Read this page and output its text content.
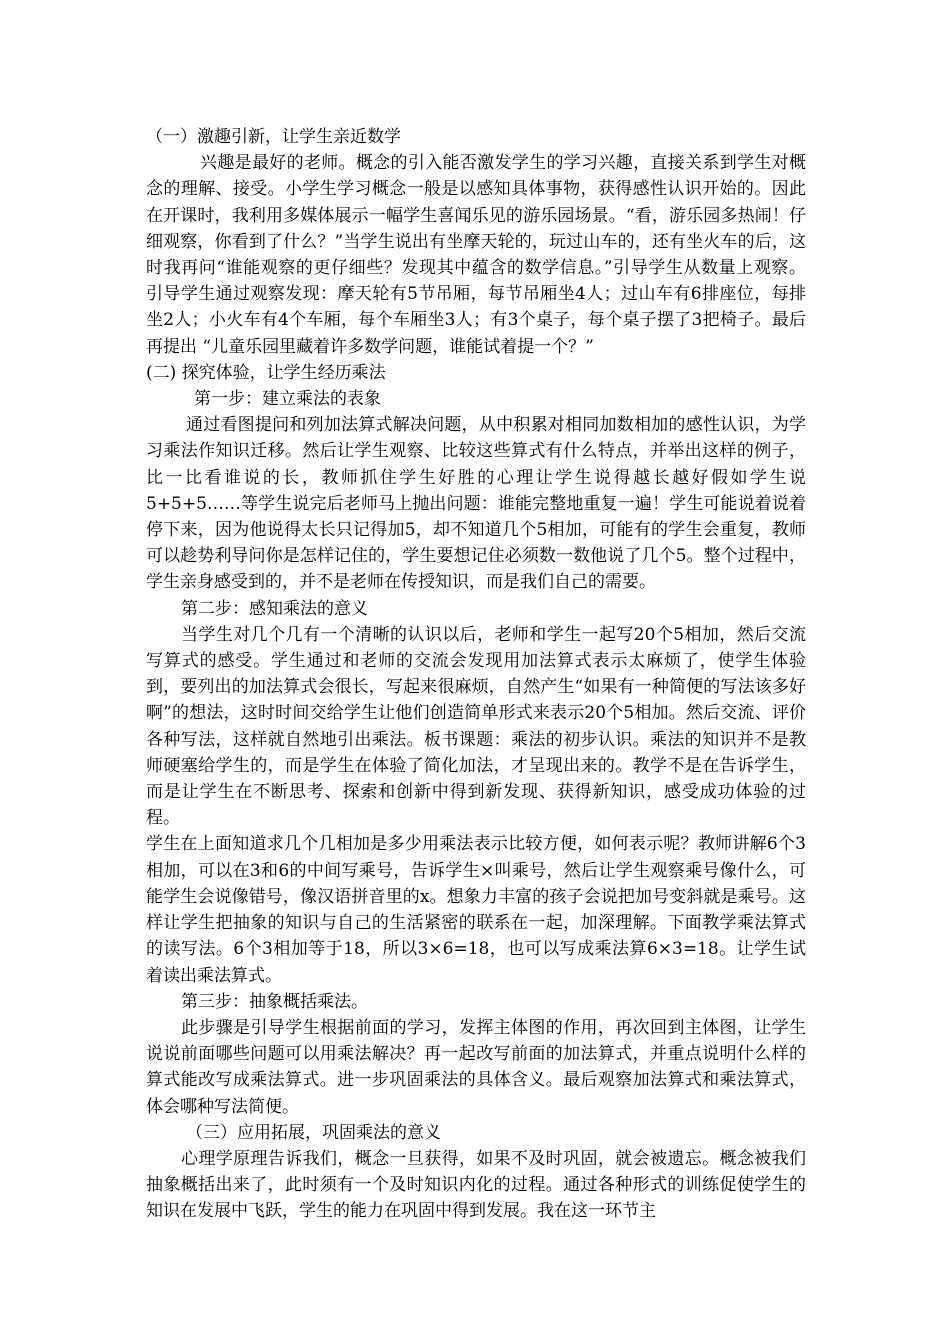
（一）激趣引新，让学生亲近数学

兴趣是最好的老师。概念的引入能否激发学生的学习兴趣，直接关系到学生对概念的理解、接受。小学生学习概念一般是以感知具体事物，获得感性认识开始的。因此在开课时，我利用多媒体展示一幅学生喜闻乐见的游乐园场景。“看，游乐园多热闹！仔细观察，你看到了什么？”当学生说出有坐摩天轮的，玩过山车的，还有坐火车的后，这时我再问“谁能观察的更仔细些？发现其中蕴含的数学信息。”引导学生从数量上观察。 引导学生通过观察发现：摩天轮有5节吊厢，每节吊厢坐4人；过山车有6排座位，每排坐2人；小火车有4个车厢，每个车厢坐3人；有3个桌子，每个桌子摆了3把椅子。最后再提出 “儿童乐园里藏着许多数学问题，谁能试着提一个？”

(二) 探究体验，让学生经历乘法

第一步：建立乘法的表象

通过看图提问和列加法算式解决问题，从中积累对相同加数相加的感性认识，为学习乘法作知识迁移。然后让学生观察、比较这些算式有什么特点，并举出这样的例子，比一比看谁说的长，教师抓住学生好胜的心理让学生说得越长越好假如学生说5+5+5……等学生说完后老师马上抛出问题：谁能完整地重复一遍！学生可能说着说着停下来，因为他说得太长只记得加5，却不知道几个5相加，可能有的学生会重复，教师可以趁势利导问你是怎样记住的，学生要想记住必须数一数他说了几个5。整个过程中，学生亲身感受到的，并不是老师在传授知识，而是我们自己的需要。

第二步：感知乘法的意义

当学生对几个几有一个清晰的认识以后，老师和学生一起写20个5相加，然后交流写算式的感受。学生通过和老师的交流会发现用加法算式表示太麻烦了，使学生体验到，要列出的加法算式会很长，写起来很麻烦，自然产生“如果有一种简便的写法该多好啊”的想法，这时时间交给学生让他们创造简单形式来表示20个5相加。然后交流、评价各种写法，这样就自然地引出乘法。板书课题：乘法的初步认识。乘法的知识并不是教师硬塞给学生的，而是学生在体验了简化加法，才呈现出来的。教学不是在告诉学生，而是让学生在不断思考、探索和创新中得到新发现、获得新知识，感受成功体验的过程。

学生在上面知道求几个几相加是多少用乘法表示比较方便，如何表示呢？教师讲解6个3相加，可以在3和6的中间写乘号，告诉学生×叫乘号，然后让学生观察乘号像什么，可能学生会说像错号，像汉语拼音里的x。想象力丰富的孩子会说把加号变斜就是乘号。这样让学生把抽象的知识与自己的生活紧密的联系在一起，加深理解。下面教学乘法算式的读写法。6个3相加等于18，所以3×6=18，也可以写成乘法算6×3=18。让学生试着读出乘法算式。

第三步：抽象概括乘法。

此步骤是引导学生根据前面的学习，发挥主体图的作用，再次回到主体图，让学生说说前面哪些问题可以用乘法解决？再一起改写前面的加法算式，并重点说明什么样的算式能改写成乘法算式。进一步巩固乘法的具体含义。最后观察加法算式和乘法算式，体会哪种写法简便。

（三）应用拓展，巩固乘法的意义

心理学原理告诉我们，概念一旦获得，如果不及时巩固，就会被遗忘。概念被我们抽象概括出来了，此时须有一个及时知识内化的过程。通过各种形式的训练促使学生的知识在发展中飞跃，学生的能力在巩固中得到发展。我在这一环节主
